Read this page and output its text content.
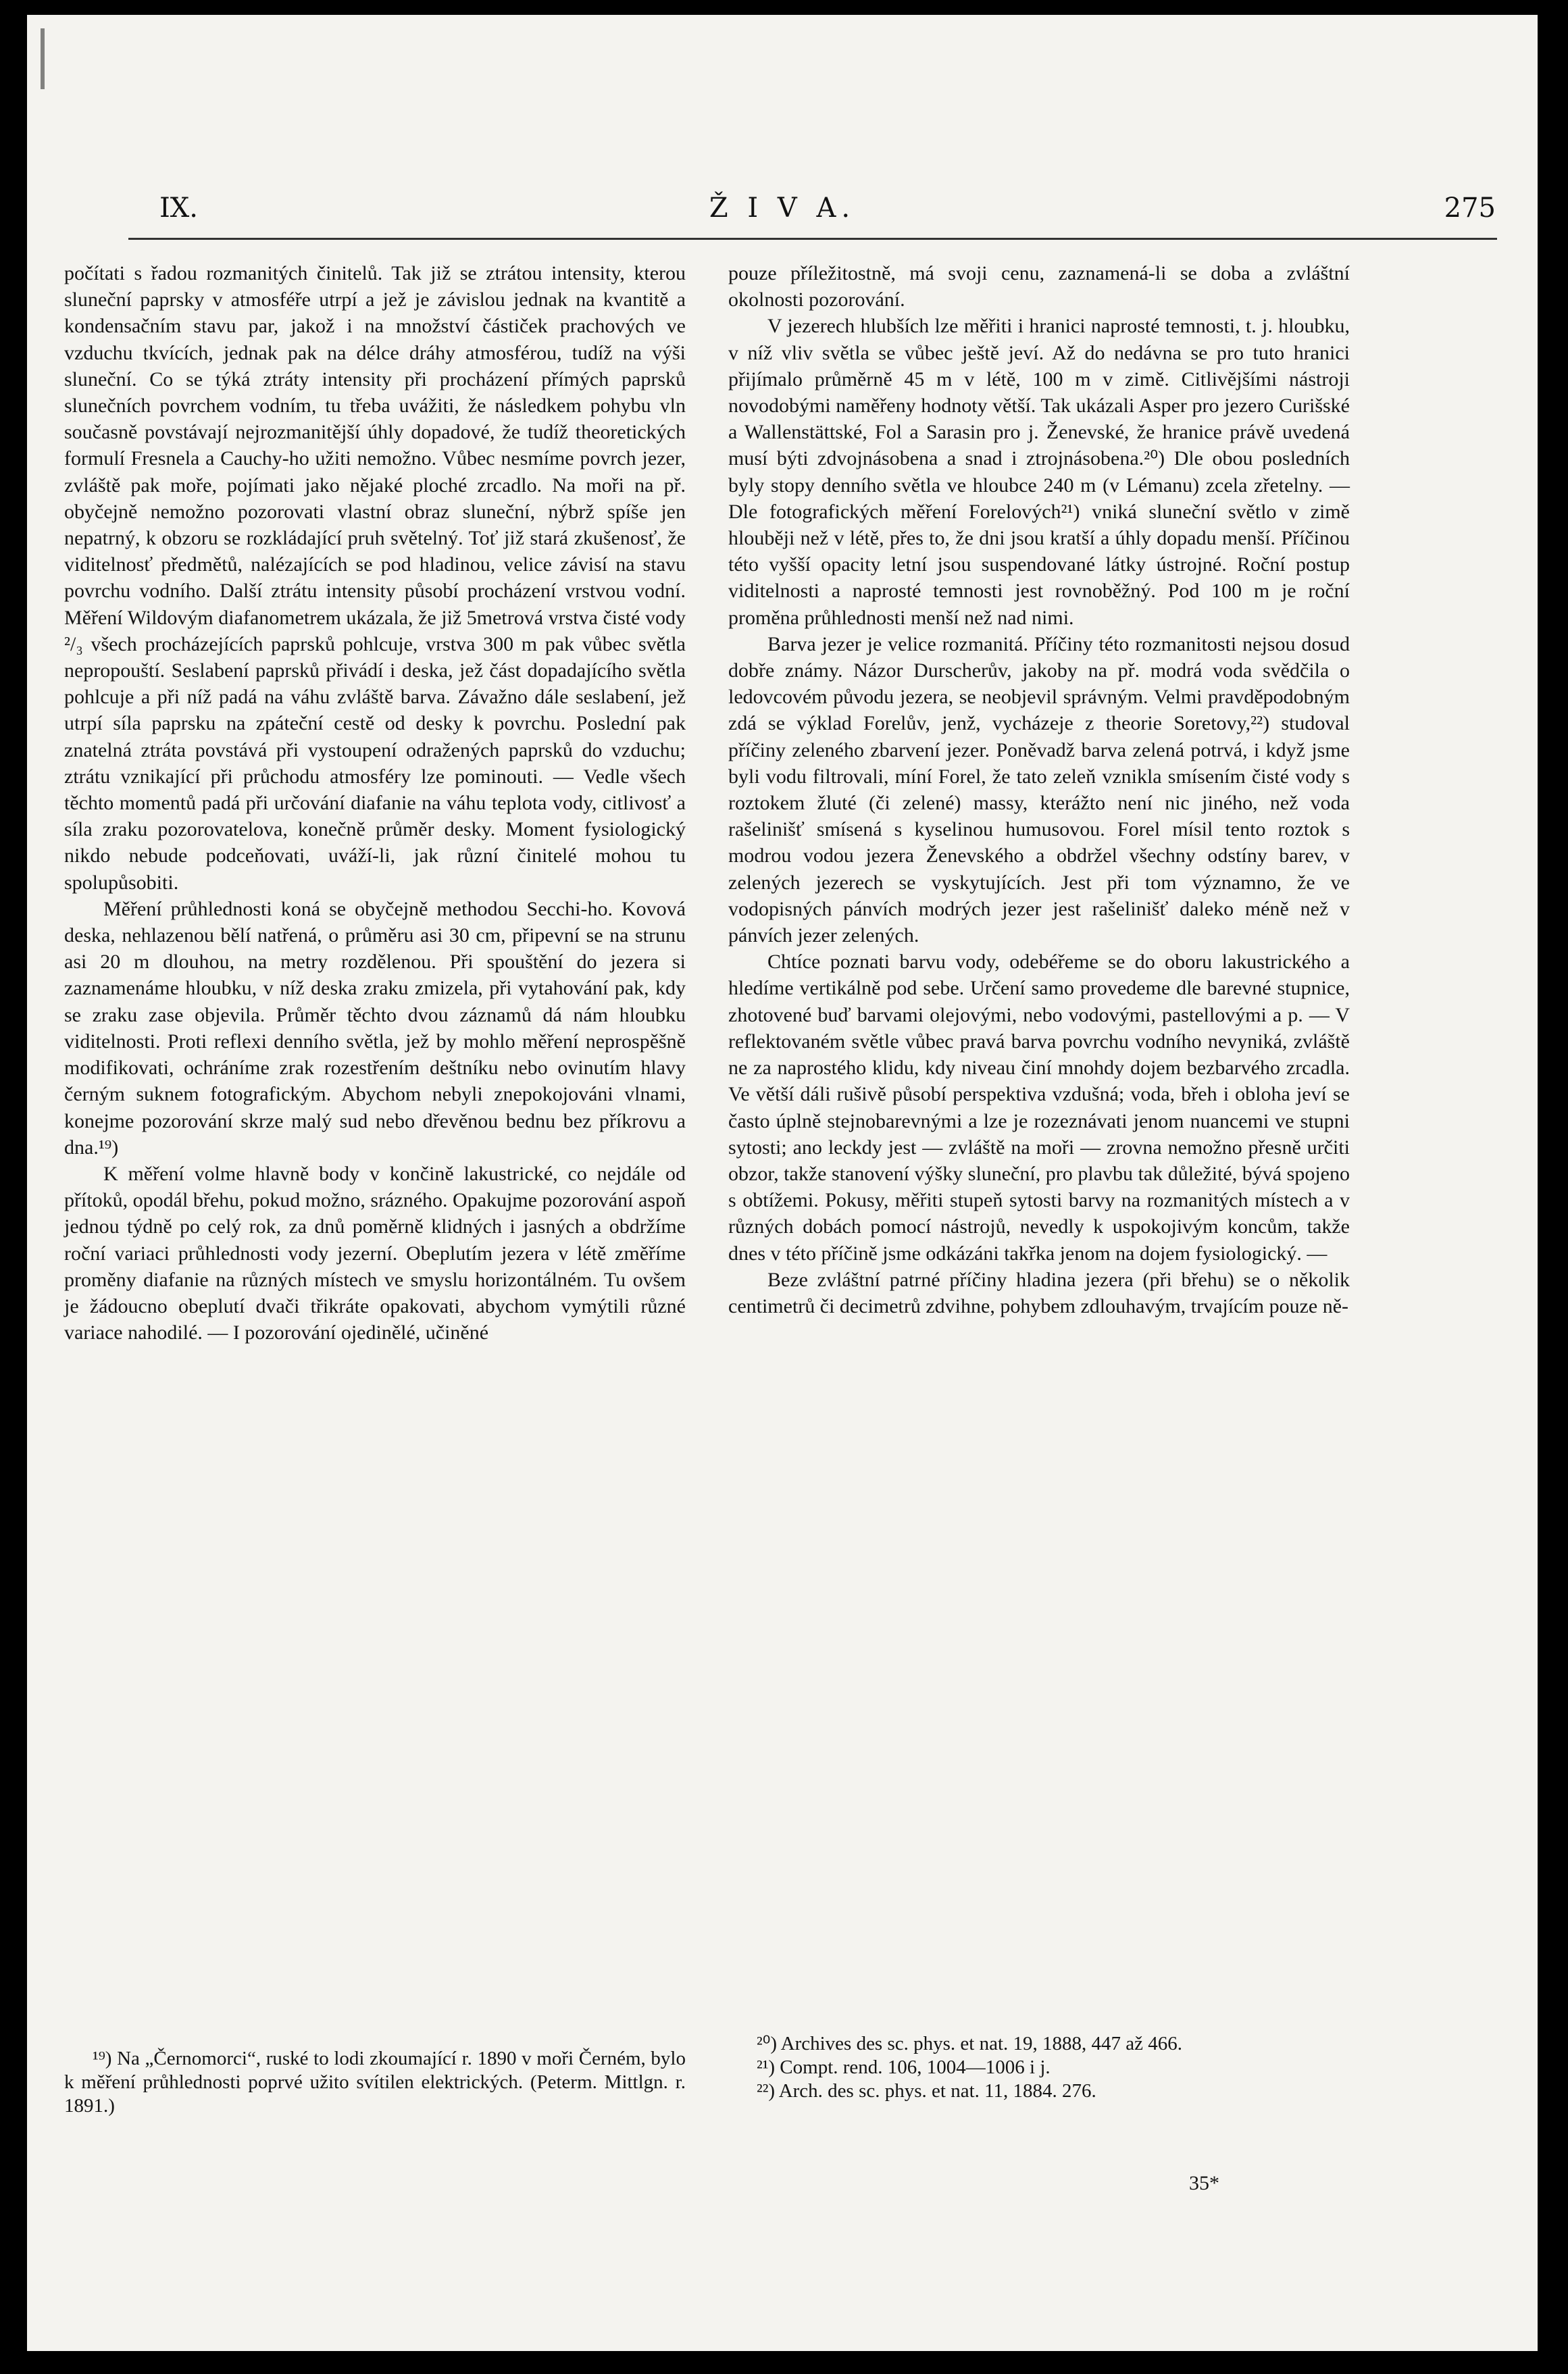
IX.	Ž I V A.	275

počítati s řadou rozmanitých činitelů. Tak již se ztrátou intensity, kterou sluneční paprsky v atmosféře utrpí a jež je závislou jednak na kvantitě a kondensačním stavu par, jakož i na množství částiček prachových ve vzduchu tkvících, jednak pak na délce dráhy atmosférou, tudíž na výši sluneční. Co se týká ztráty intensity při procházení přímých paprsků slunečních povrchem vodním, tu třeba uvážiti, že následkem pohybu vln současně povstávají nejrozmanitější úhly dopadové, že tudíž theoretických formulí Fresnela a Cauchy-ho užiti nemožno. Vůbec nesmíme povrch jezer, zvláště pak moře, pojímati jako nějaké ploché zrcadlo. Na moři na př. obyčejně nemožno pozorovati vlastní obraz sluneční, nýbrž spíše jen nepatrný, k obzoru se rozkládající pruh světelný. Toť již stará zkušenosť, že viditelnosť předmětů, nalézajících se pod hladinou, velice závisí na stavu povrchu vodního. Další ztrátu intensity působí procházení vrstvou vodní. Měření Wildovým diafanometrem ukázala, že již 5metrová vrstva čisté vody ²/₃ všech procházejících paprsků pohlcuje, vrstva 300 m pak vůbec světla nepropouští. Seslabení paprsků přivádí i deska, jež část dopadajícího světla pohlcuje a při níž padá na váhu zvláště barva. Závažno dále seslabení, jež utrpí síla paprsku na zpáteční cestě od desky k povrchu. Poslední pak znatelná ztráta povstává při vystoupení odražených paprsků do vzduchu; ztrátu vznikající při průchodu atmosféry lze pominouti. — Vedle všech těchto momentů padá při určování diafanie na váhu teplota vody, citlivosť a síla zraku pozorovatelova, konečně průměr desky. Moment fysiologický nikdo nebude podceňovati, uváží-li, jak různí činitelé mohou tu spolupůsobiti.

Měření průhlednosti koná se obyčejně methodou Secchi-ho. Kovová deska, nehlazenou bělí natřená, o průměru asi 30 cm, připevní se na strunu asi 20 m dlouhou, na metry rozdělenou. Při spouštění do jezera si zaznamenáme hloubku, v níž deska zraku zmizela, při vytahování pak, kdy se zraku zase objevila. Průměr těchto dvou záznamů dá nám hloubku viditelnosti. Proti reflexi denního světla, jež by mohlo měření neprospěšně modifikovati, ochráníme zrak rozestřením deštníku nebo ovinutím hlavy černým suknem fotografickým. Abychom nebyli znepokojováni vlnami, konejme pozorování skrze malý sud nebo dřevěnou bednu bez příkrovu a dna.¹⁹)

K měření volme hlavně body v končině lakustrické, co nejdále od přítoků, opodál břehu, pokud možno, srázného. Opakujme pozorování aspoň jednou týdně po celý rok, za dnů poměrně klidných i jasných a obdržíme roční variaci průhlednosti vody jezerní. Obeplutím jezera v létě změříme proměny diafanie na různých místech ve smyslu horizontálném. Tu ovšem je žádoucno obeplutí dvači třikráte opakovati, abychom vymýtili různé variace nahodilé. — I pozorování ojedinělé, učiněné

pouze příležitostně, má svoji cenu, zaznamená-li se doba a zvláštní okolnosti pozorování.

V jezerech hlubších lze měřiti i hranici naprosté temnosti, t. j. hloubku, v níž vliv světla se vůbec ještě jeví. Až do nedávna se pro tuto hranici přijímalo průměrně 45 m v létě, 100 m v zimě. Citlivějšími nástroji novodobými naměřeny hodnoty větší. Tak ukázali Asper pro jezero Curišské a Wallenstättské, Fol a Sarasin pro j. Ženevské, že hranice právě uvedená musí býti zdvojnásobena a snad i ztrojnásobena.²⁰) Dle obou posledních byly stopy denního světla ve hloubce 240 m (v Lémanu) zcela zřetelny. — Dle fotografických měření Forelových²¹) vniká sluneční světlo v zimě hlouběji než v létě, přes to, že dni jsou kratší a úhly dopadu menší. Příčinou této vyšší opacity letní jsou suspendované látky ústrojné. Roční postup viditelnosti a naprosté temnosti jest rovnoběžný. Pod 100 m je roční proměna průhlednosti menší než nad nimi.

Barva jezer je velice rozmanitá. Příčiny této rozmanitosti nejsou dosud dobře známy. Názor Durscherův, jakoby na př. modrá voda svědčila o ledovcovém původu jezera, se neobjevil správným. Velmi pravděpodobným zdá se výklad Forelův, jenž, vycházeje z theorie Soretovy,²²) studoval příčiny zeleného zbarvení jezer. Poněvadž barva zelená potrvá, i když jsme byli vodu filtrovali, míní Forel, že tato zeleň vznikla smísením čisté vody s roztokem žluté (či zelené) massy, kterážto není nic jiného, než voda rašelinišť smísená s kyselinou humusovou. Forel mísil tento roztok s modrou vodou jezera Ženevského a obdržel všechny odstíny barev, v zelených jezerech se vyskytujících. Jest při tom významno, že ve vodopisných pánvích modrých jezer jest rašelinišť daleko méně než v pánvích jezer zelených.

Chtíce poznati barvu vody, odebéřeme se do oboru lakustrického a hledíme vertikálně pod sebe. Určení samo provedeme dle barevné stupnice, zhotovené buď barvami olejovými, nebo vodovými, pastellovými a p. — V reflektovaném světle vůbec pravá barva povrchu vodního nevyniká, zvláště ne za naprostého klidu, kdy niveau činí mnohdy dojem bezbarvého zrcadla. Ve větší dáli rušivě působí perspektiva vzdušná; voda, břeh i obloha jeví se často úplně stejnobarevnými a lze je rozeznávati jenom nuancemi ve stupni sytosti; ano leckdy jest — zvláště na moři — zrovna nemožno přesně určiti obzor, takže stanovení výšky sluneční, pro plavbu tak důležité, bývá spojeno s obtížemi. Pokusy, měřiti stupeň sytosti barvy na rozmanitých místech a v různých dobách pomocí nástrojů, nevedly k uspokojivým koncům, takže dnes v této příčině jsme odkázáni takřka jenom na dojem fysiologický. —

Beze zvláštní patrné příčiny hladina jezera (při břehu) se o několik centimetrů či decimetrů zdvihne, pohybem zdlouhavým, trvajícím pouze ně-

¹⁹) Na „Černomorci“, ruské to lodi zkoumající r. 1890 v moři Černém, bylo k měření průhlednosti poprvé užito svítilen elektrických. (Peterm. Mittlgn. r. 1891.)

²⁰) Archives des sc. phys. et nat. 19, 1888, 447 až 466.

²¹) Compt. rend. 106, 1004—1006 i j.

²²) Arch. des sc. phys. et nat. 11, 1884. 276.

35*
